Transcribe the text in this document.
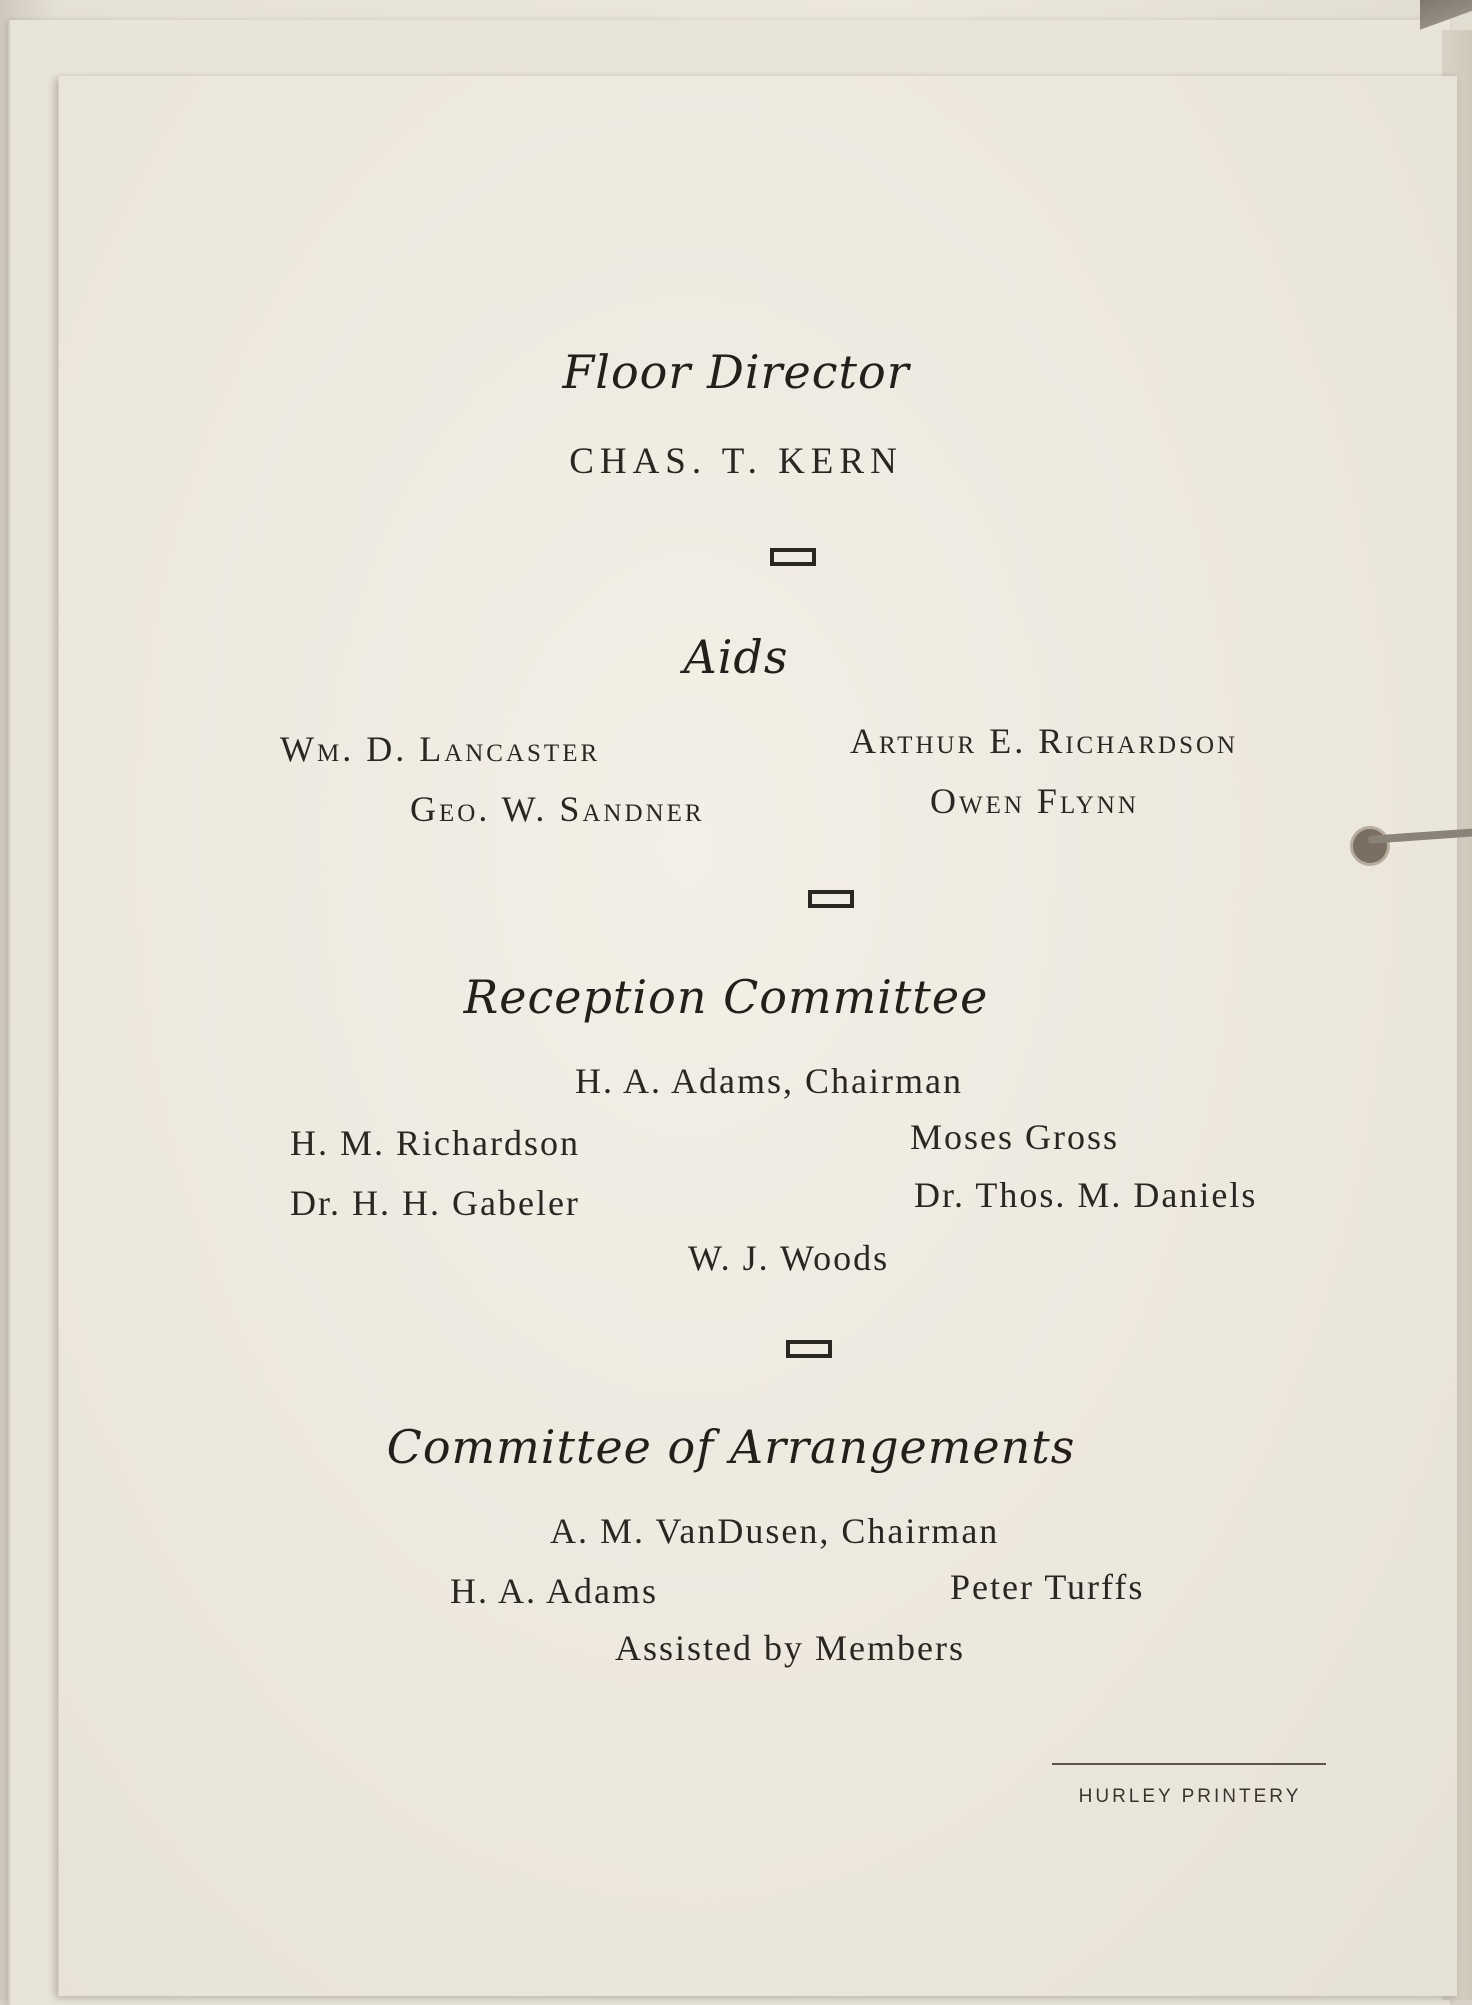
Floor Director
CHAS. T. KERN
Aids
Wm. D. Lancaster	Arthur E. Richardson
Geo. W. Sandner	Owen Flynn
Reception Committee
H. A. Adams, Chairman
H. M. Richardson	Moses Gross
Dr. H. H. Gabeler	Dr. Thos. M. Daniels
W. J. Woods
Committee of Arrangements
A. M. VanDusen, Chairman
H. A. Adams	Peter Turffs
Assisted by Members
HURLEY PRINTERY
